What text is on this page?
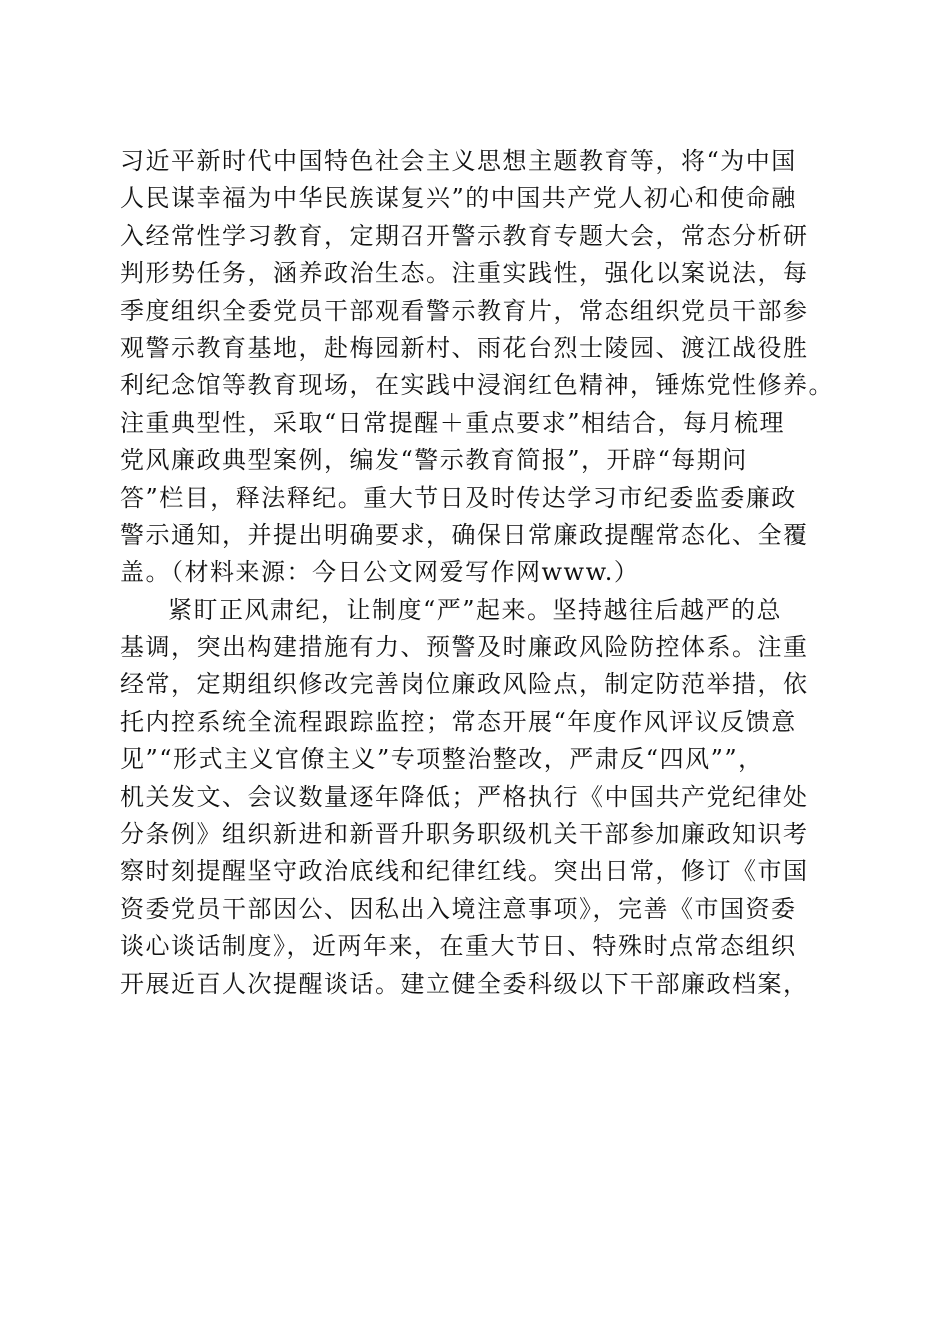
习近平新时代中国特色社会主义思想主题教育等，将“为中国
人民谋幸福为中华民族谋复兴”的中国共产党人初心和使命融
入经常性学习教育，定期召开警示教育专题大会，常态分析研
判形势任务，涵养政治生态。注重实践性，强化以案说法，每
季度组织全委党员干部观看警示教育片，常态组织党员干部参
观警示教育基地，赴梅园新村、雨花台烈士陵园、渡江战役胜
利纪念馆等教育现场，在实践中浸润红色精神，锤炼党性修养。
注重典型性，采取“日常提醒＋重点要求”相结合，每月梳理
党风廉政典型案例，编发“警示教育简报”，开辟“每期问
答”栏目，释法释纪。重大节日及时传达学习市纪委监委廉政
警示通知，并提出明确要求，确保日常廉政提醒常态化、全覆
盖。（材料来源：今日公文网爱写作网www.）
紧盯正风肃纪，让制度“严”起来。坚持越往后越严的总
基调，突出构建措施有力、预警及时廉政风险防控体系。注重
经常，定期组织修改完善岗位廉政风险点，制定防范举措，依
托内控系统全流程跟踪监控；常态开展“年度作风评议反馈意
见”“形式主义官僚主义”专项整治整改，严肃反“四风””，
机关发文、会议数量逐年降低；严格执行《中国共产党纪律处
分条例》组织新进和新晋升职务职级机关干部参加廉政知识考
察时刻提醒坚守政治底线和纪律红线。突出日常，修订《市国
资委党员干部因公、因私出入境注意事项》，完善《市国资委
谈心谈话制度》，近两年来，在重大节日、特殊时点常态组织
开展近百人次提醒谈话。建立健全委科级以下干部廉政档案，
